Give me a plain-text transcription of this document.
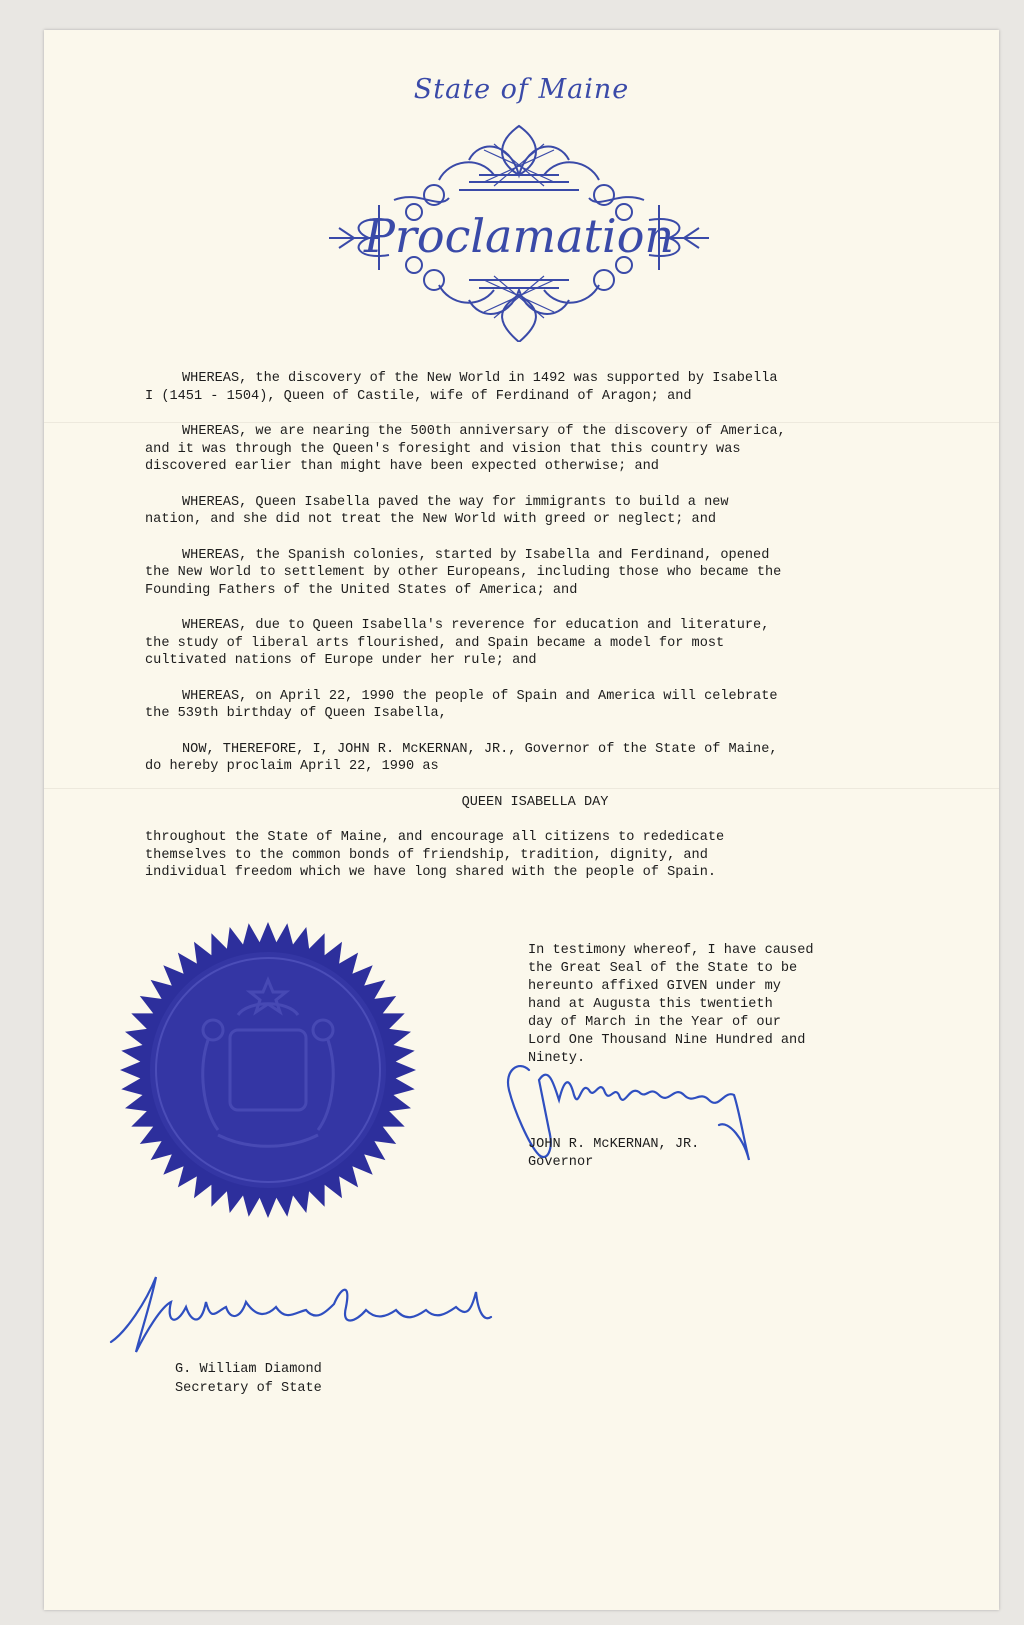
State of Maine
Proclamation

WHEREAS, the discovery of the New World in 1492 was supported by Isabella
I (1451 - 1504), Queen of Castile, wife of Ferdinand of Aragon; and

WHEREAS, we are nearing the 500th anniversary of the discovery of America,
and it was through the Queen's foresight and vision that this country was
discovered earlier than might have been expected otherwise; and

WHEREAS, Queen Isabella paved the way for immigrants to build a new
nation, and she did not treat the New World with greed or neglect; and

WHEREAS, the Spanish colonies, started by Isabella and Ferdinand, opened
the New World to settlement by other Europeans, including those who became the
Founding Fathers of the United States of America; and

WHEREAS, due to Queen Isabella's reverence for education and literature,
the study of liberal arts flourished, and Spain became a model for most
cultivated nations of Europe under her rule; and

WHEREAS, on April 22, 1990 the people of Spain and America will celebrate
the 539th birthday of Queen Isabella,

NOW, THEREFORE, I, JOHN R. McKERNAN, JR., Governor of the State of Maine,
do hereby proclaim April 22, 1990 as

QUEEN ISABELLA DAY

throughout the State of Maine, and encourage all citizens to rededicate
themselves to the common bonds of friendship, tradition, dignity, and
individual freedom which we have long shared with the people of Spain.

In testimony whereof, I have caused
the Great Seal of the State to be
hereunto affixed GIVEN under my
hand at Augusta this twentieth
day of March in the Year of our
Lord One Thousand Nine Hundred and
Ninety.
John R McKernan
JOHN R. McKERNAN, JR.
Governor
G William Diamond
G. William Diamond
Secretary of State
